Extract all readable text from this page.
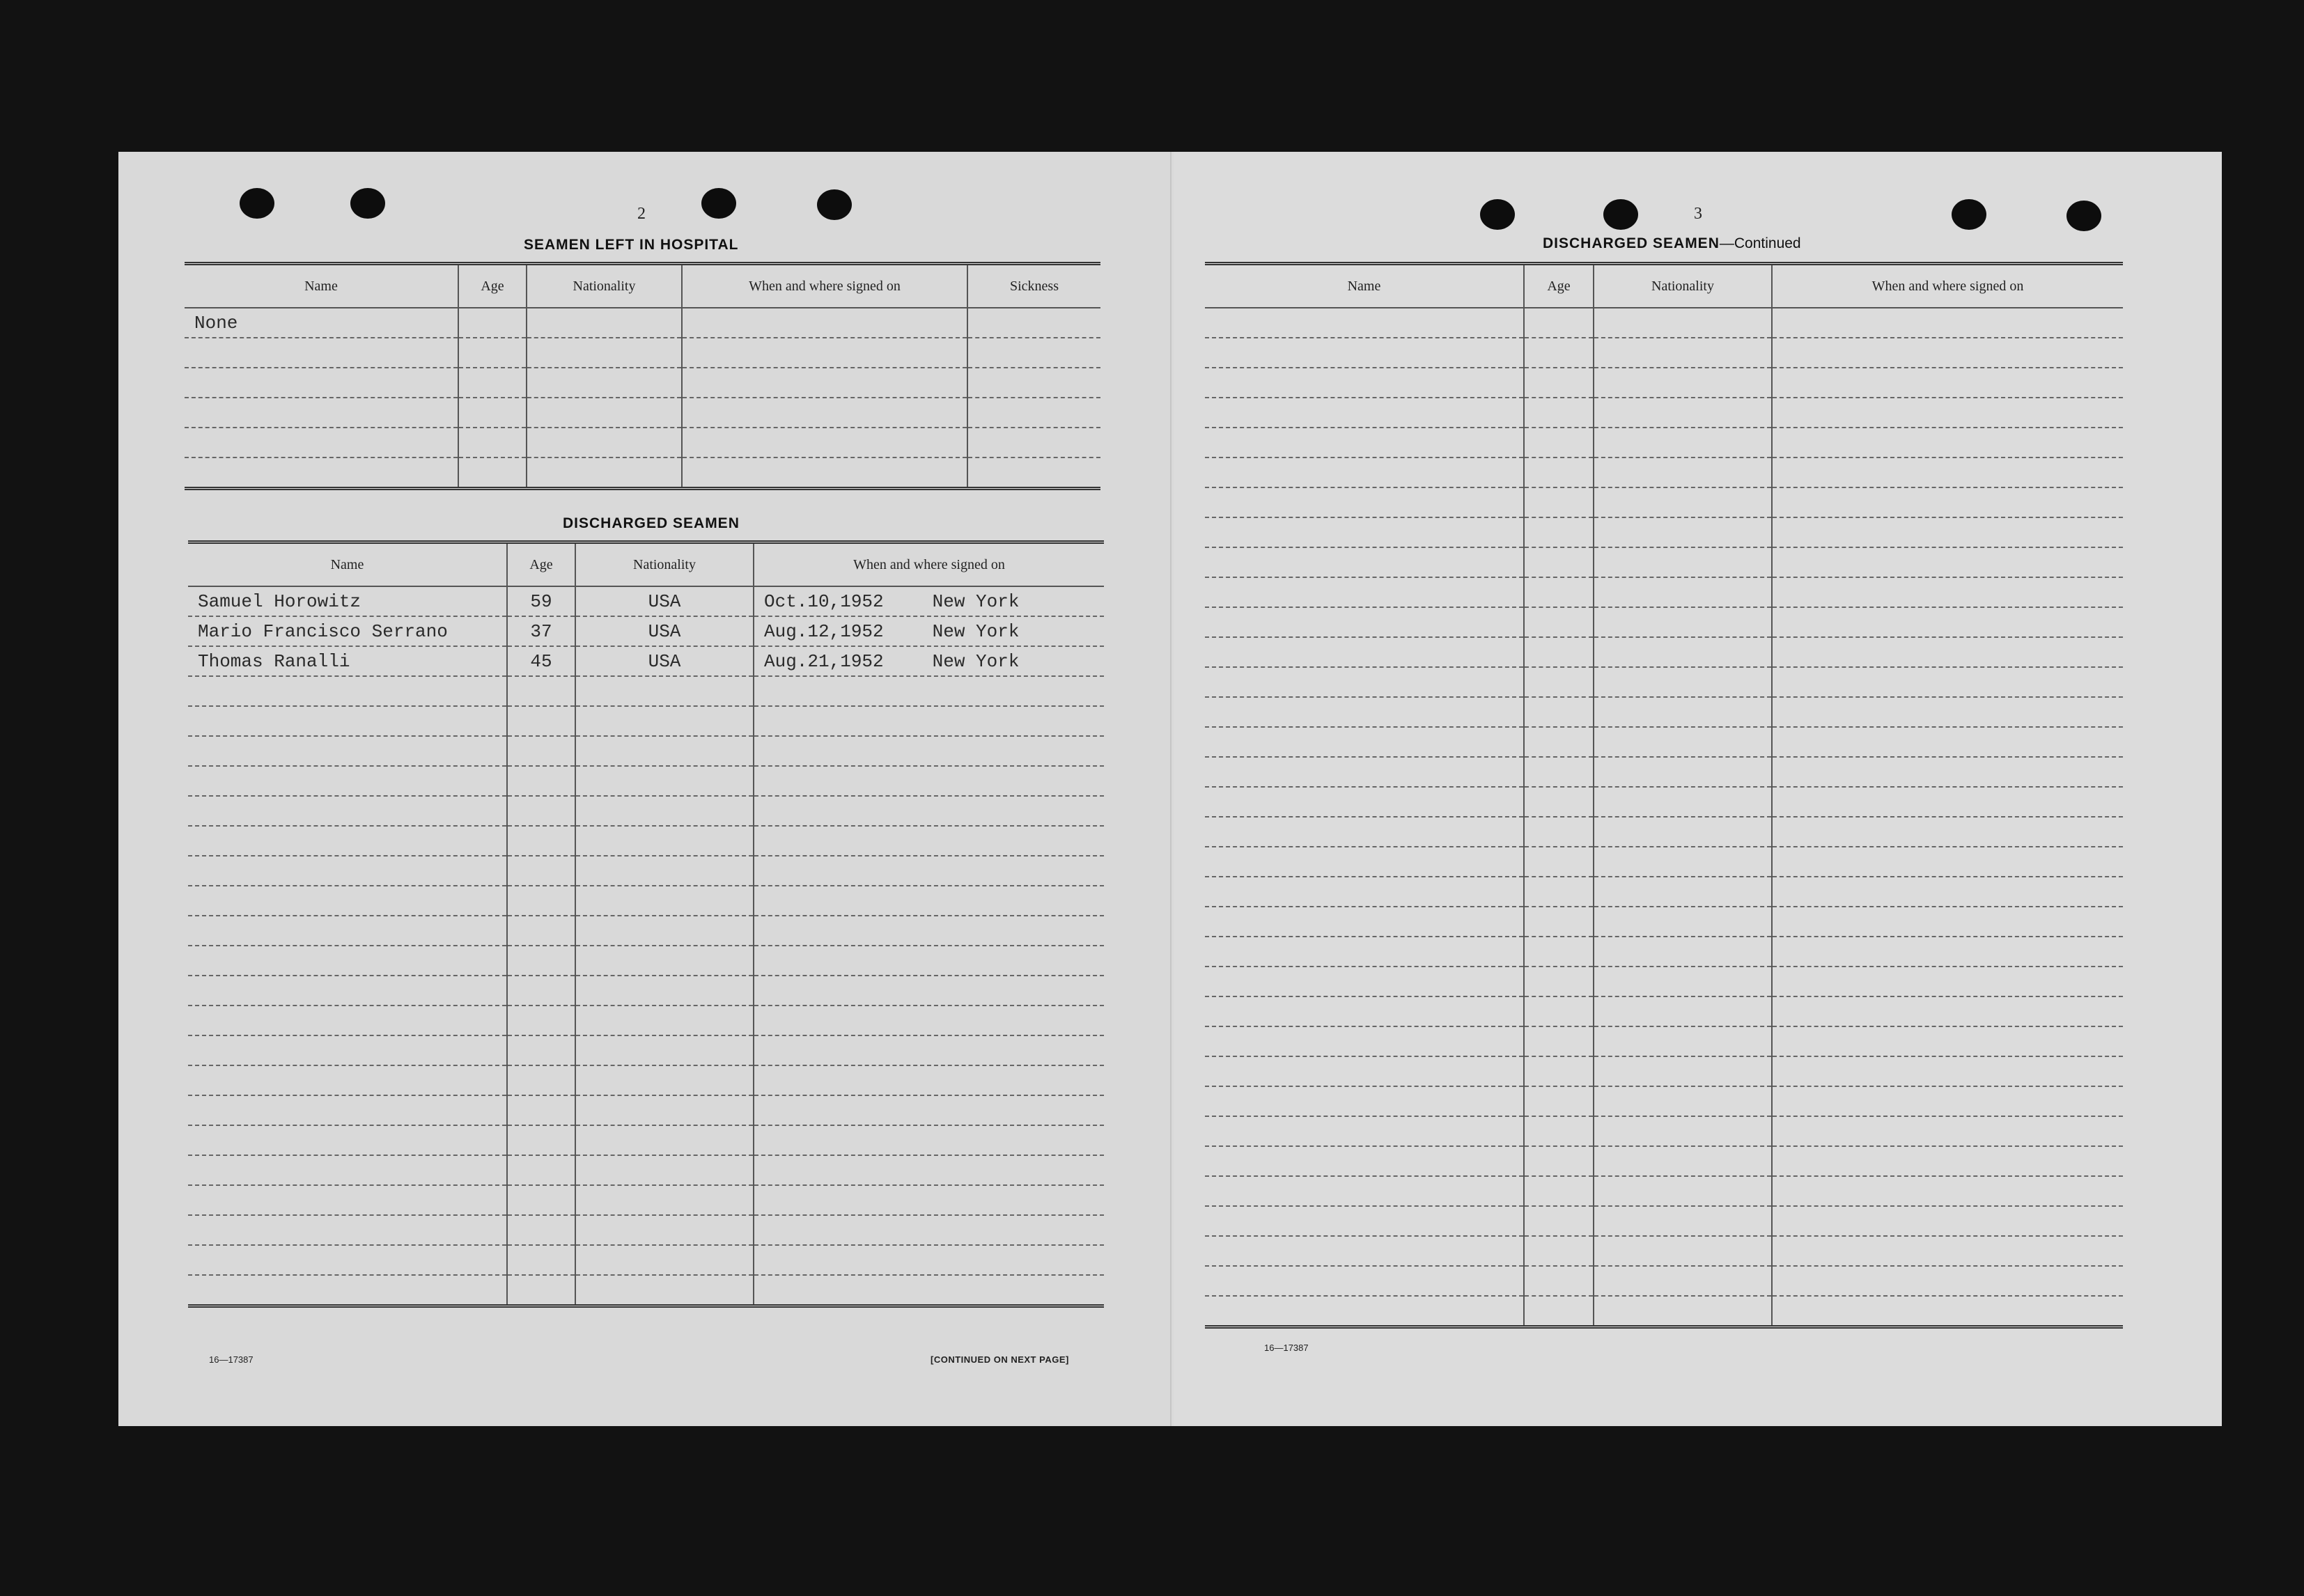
2
SEAMEN LEFT IN HOSPITAL
Name	Age	Nationality	When and where signed on	Sickness
None				

DISCHARGED SEAMEN
Name	Age	Nationality	When and where signed on
Samuel Horowitz	59	USA	Oct.10,1952 New York
Mario Francisco Serrano	37	USA	Aug.12,1952 New York
Thomas Ranalli	45	USA	Aug.21,1952 New York

16—17387	[CONTINUED ON NEXT PAGE]
3
DISCHARGED SEAMEN—Continued
Name	Age	Nationality	When and where signed on

16—17387
